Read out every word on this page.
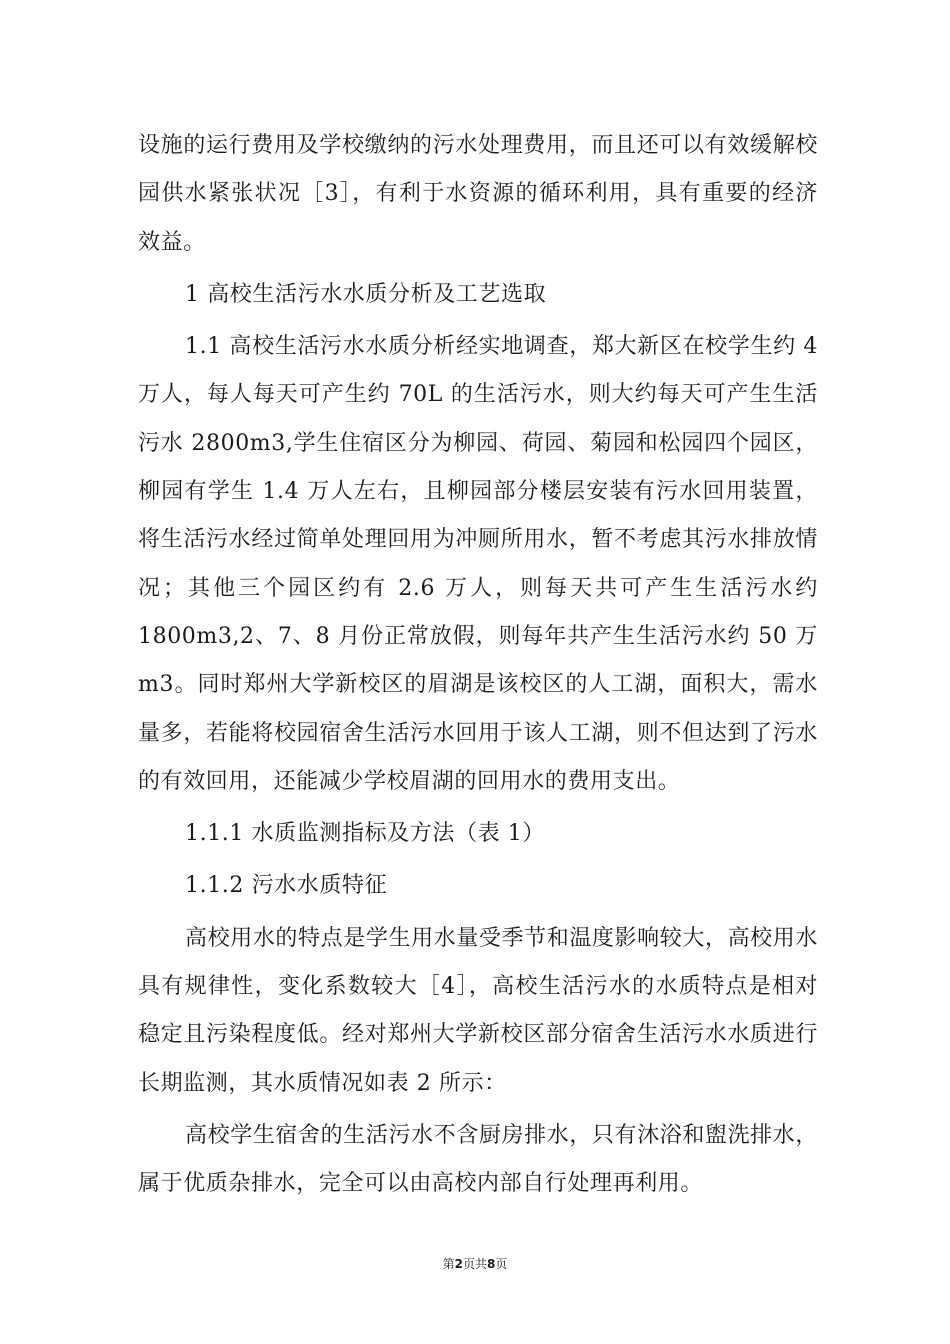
设施的运行费用及学校缴纳的污水处理费用，而且还可以有效缓解校园供水紧张状况［3］，有利于水资源的循环利用，具有重要的经济效益。

1 高校生活污水水质分析及工艺选取

1.1 高校生活污水水质分析经实地调查，郑大新区在校学生约 4 万人，每人每天可产生约 70L 的生活污水，则大约每天可产生生活污水 2800m3,学生住宿区分为柳园、荷园、菊园和松园四个园区，柳园有学生 1.4 万人左右，且柳园部分楼层安装有污水回用装置，将生活污水经过简单处理回用为冲厕所用水，暂不考虑其污水排放情况；其他三个园区约有 2.6 万人，则每天共可产生生活污水约 1800m3,2、7、8 月份正常放假，则每年共产生生活污水约 50 万 m3。同时郑州大学新校区的眉湖是该校区的人工湖，面积大，需水量多，若能将校园宿舍生活污水回用于该人工湖，则不但达到了污水的有效回用，还能减少学校眉湖的回用水的费用支出。

1.1.1 水质监测指标及方法（表 1）

1.1.2 污水水质特征

高校用水的特点是学生用水量受季节和温度影响较大，高校用水具有规律性，变化系数较大［4］，高校生活污水的水质特点是相对稳定且污染程度低。经对郑州大学新校区部分宿舍生活污水水质进行长期监测，其水质情况如表 2 所示：

高校学生宿舍的生活污水不含厨房排水，只有沐浴和盥洗排水，属于优质杂排水，完全可以由高校内部自行处理再利用。

第2页共8页
